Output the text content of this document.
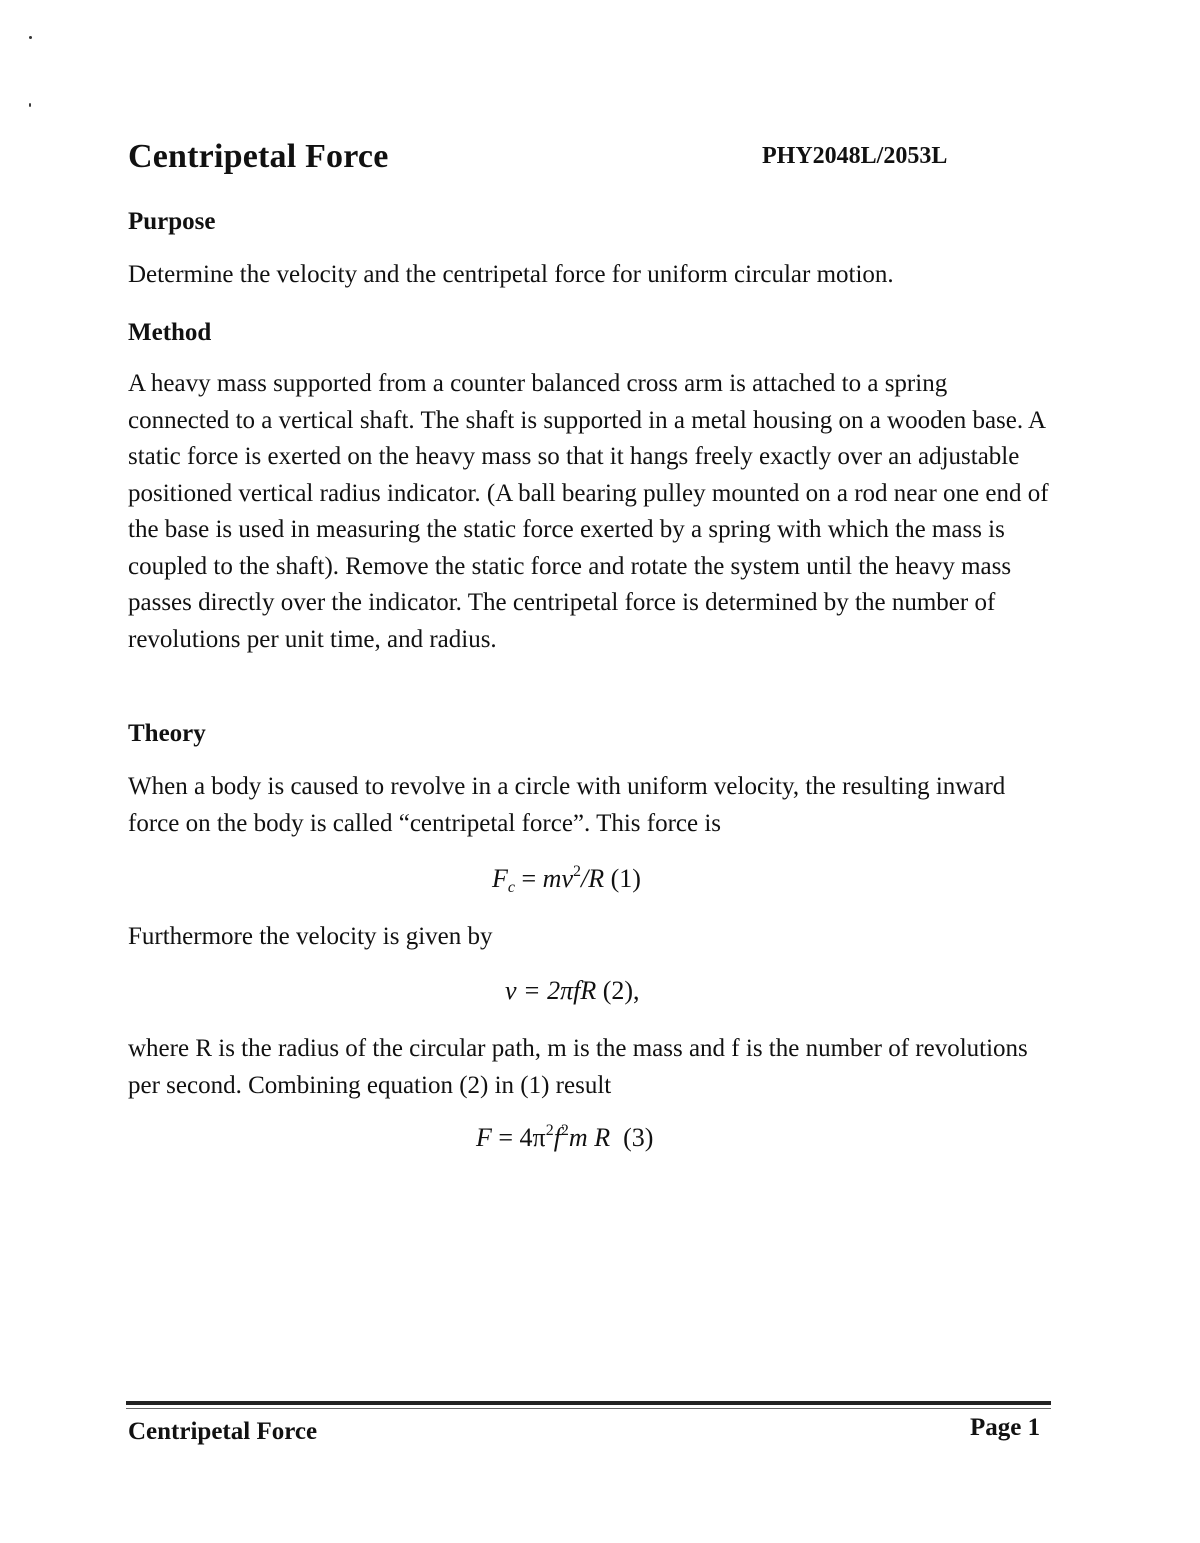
Centripetal Force	PHY2048L/2053L
Purpose

Determine the velocity and the centripetal force for uniform circular motion.

Method

A heavy mass supported from a counter balanced cross arm is attached to a spring connected to a vertical shaft. The shaft is supported in a metal housing on a wooden base. A static force is exerted on the heavy mass so that it hangs freely exactly over an adjustable positioned vertical radius indicator. (A ball bearing pulley mounted on a rod near one end of the base is used in measuring the static force exerted by a spring with which the mass is coupled to the shaft). Remove the static force and rotate the system until the heavy mass passes directly over the indicator. The centripetal force is determined by the number of revolutions per unit time, and radius.

Theory

When a body is caused to revolve in a circle with uniform velocity, the resulting inward force on the body is called “centripetal force”. This force is

$F_c = mv^2/R$ (1)

Furthermore the velocity is given by

v = 2πfR (2),

where R is the radius of the circular path, m is the mass and f is the number of revolutions per second. Combining equation (2) in (1) result

$F = 4\pi^2f^2m$ R (3)
Centripetal Force	Page 1
